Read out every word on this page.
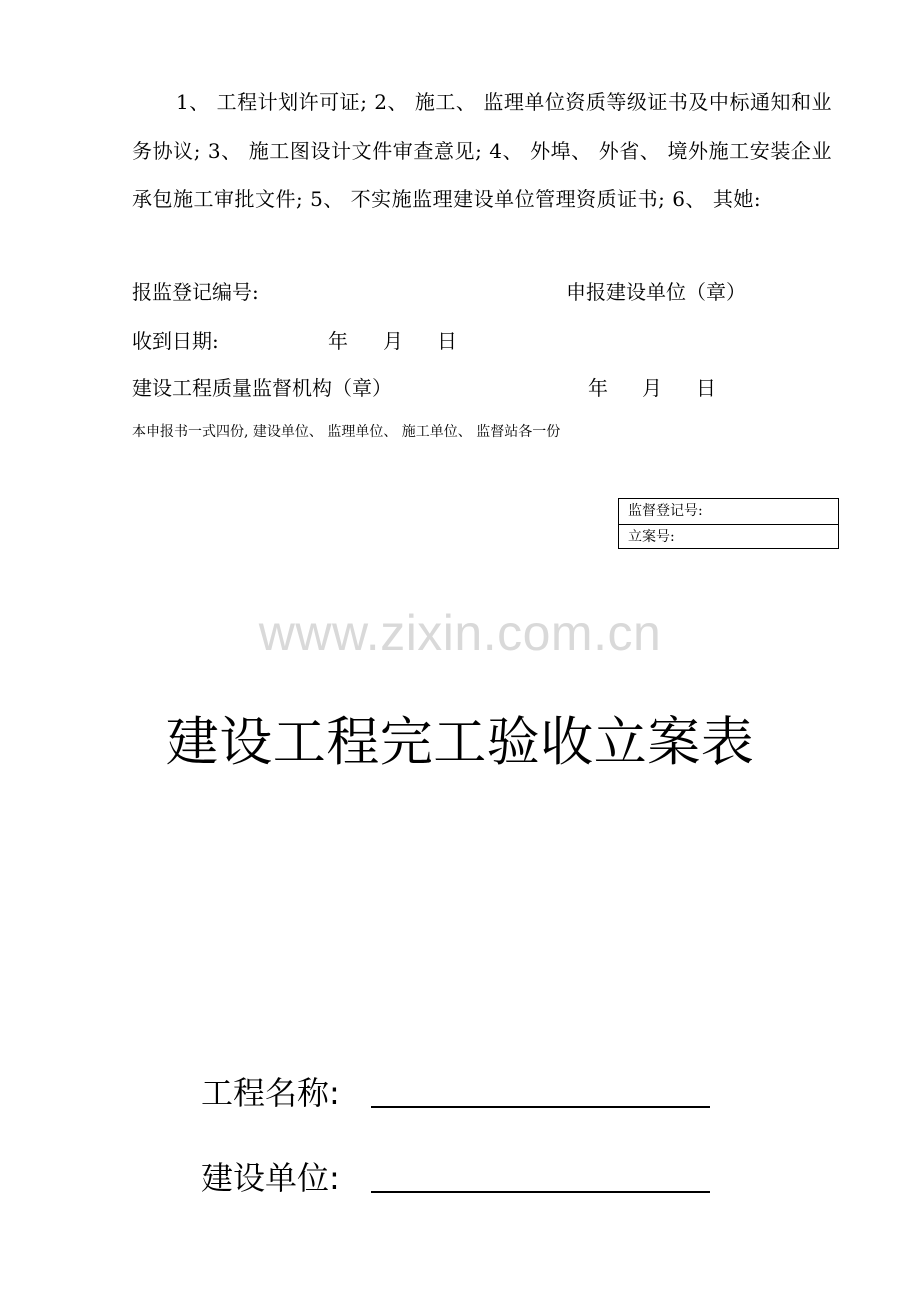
1、 工程计划许可证; 2、 施工、 监理单位资质等级证书及中标通知和业务协议; 3、 施工图设计文件审查意见; 4、 外埠、 外省、 境外施工安装企业承包施工审批文件; 5、 不实施监理建设单位管理资质证书; 6、 其她:
报监登记编号:	申报建设单位（章）
收到日期:	年 月 日
建设工程质量监督机构（章）	年 月 日
本申报书一式四份, 建设单位、 监理单位、 施工单位、 监督站各一份
监督登记号:
立案号:
www.zixin.com.cn
建设工程完工验收立案表
工程名称:
建设单位:
